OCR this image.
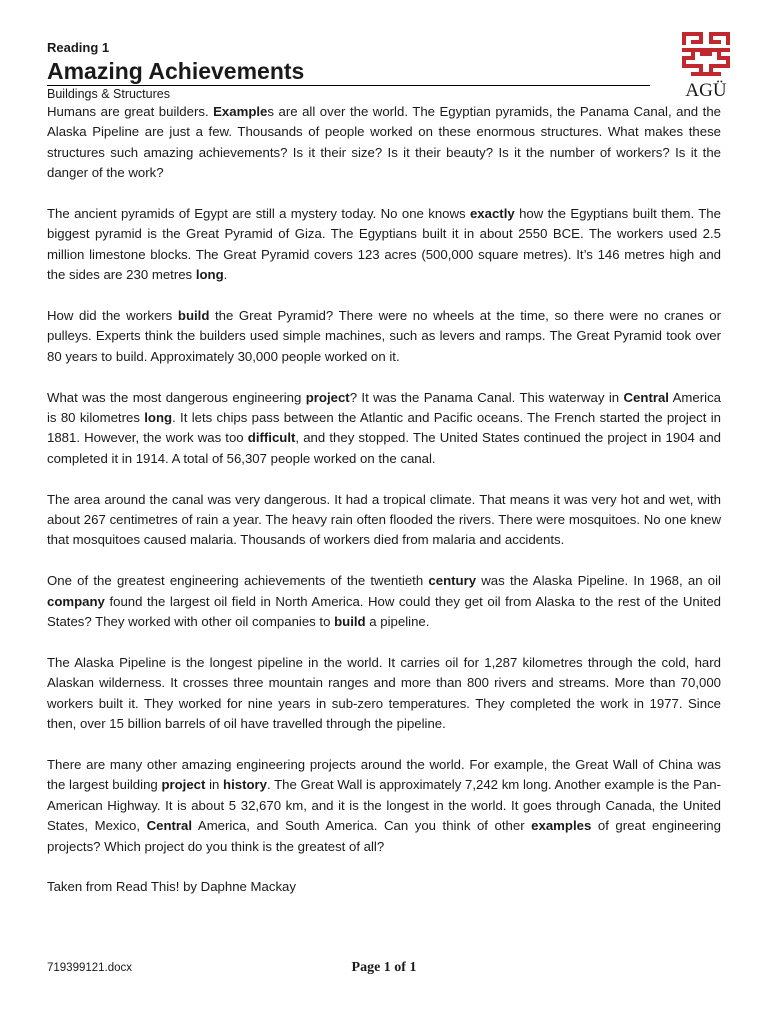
Reading 1

Amazing Achievements

Buildings & Structures

Humans are great builders. Examples are all over the world. The Egyptian pyramids, the Panama Canal, and the Alaska Pipeline are just a few. Thousands of people worked on these enormous structures. What makes these structures such amazing achievements? Is it their size? Is it their beauty? Is it the number of workers? Is it the danger of the work?

The ancient pyramids of Egypt are still a mystery today. No one knows exactly how the Egyptians built them. The biggest pyramid is the Great Pyramid of Giza. The Egyptians built it in about 2550 BCE. The workers used 2.5 million limestone blocks. The Great Pyramid covers 123 acres (500,000 square metres). It’s 146 metres high and the sides are 230 metres long.

How did the workers build the Great Pyramid? There were no wheels at the time, so there were no cranes or pulleys. Experts think the builders used simple machines, such as levers and ramps. The Great Pyramid took over 80 years to build. Approximately 30,000 people worked on it.

What was the most dangerous engineering project? It was the Panama Canal. This waterway in Central America is 80 kilometres long. It lets chips pass between the Atlantic and Pacific oceans. The French started the project in 1881. However, the work was too difficult, and they stopped. The United States continued the project in 1904 and completed it in 1914. A total of 56,307 people worked on the canal.

The area around the canal was very dangerous. It had a tropical climate. That means it was very hot and wet, with about 267 centimetres of rain a year. The heavy rain often flooded the rivers. There were mosquitoes. No one knew that mosquitoes caused malaria. Thousands of workers died from malaria and accidents.

One of the greatest engineering achievements of the twentieth century was the Alaska Pipeline. In 1968, an oil company found the largest oil field in North America. How could they get oil from Alaska to the rest of the United States? They worked with other oil companies to build a pipeline.

The Alaska Pipeline is the longest pipeline in the world. It carries oil for 1,287 kilometres through the cold, hard Alaskan wilderness. It crosses three mountain ranges and more than 800 rivers and streams. More than 70,000 workers built it. They worked for nine years in sub-zero temperatures. They completed the work in 1977. Since then, over 15 billion barrels of oil have travelled through the pipeline.

There are many other amazing engineering projects around the world. For example, the Great Wall of China was the largest building project in history. The Great Wall is approximately 7,242 km long. Another example is the Pan-American Highway. It is about 5 32,670 km, and it is the longest in the world. It goes through Canada, the United States, Mexico, Central America, and South America. Can you think of other examples of great engineering projects? Which project do you think is the greatest of all?

Taken from Read This! by Daphne Mackay

AGÜ
719399121.docx	Page 1 of 1
